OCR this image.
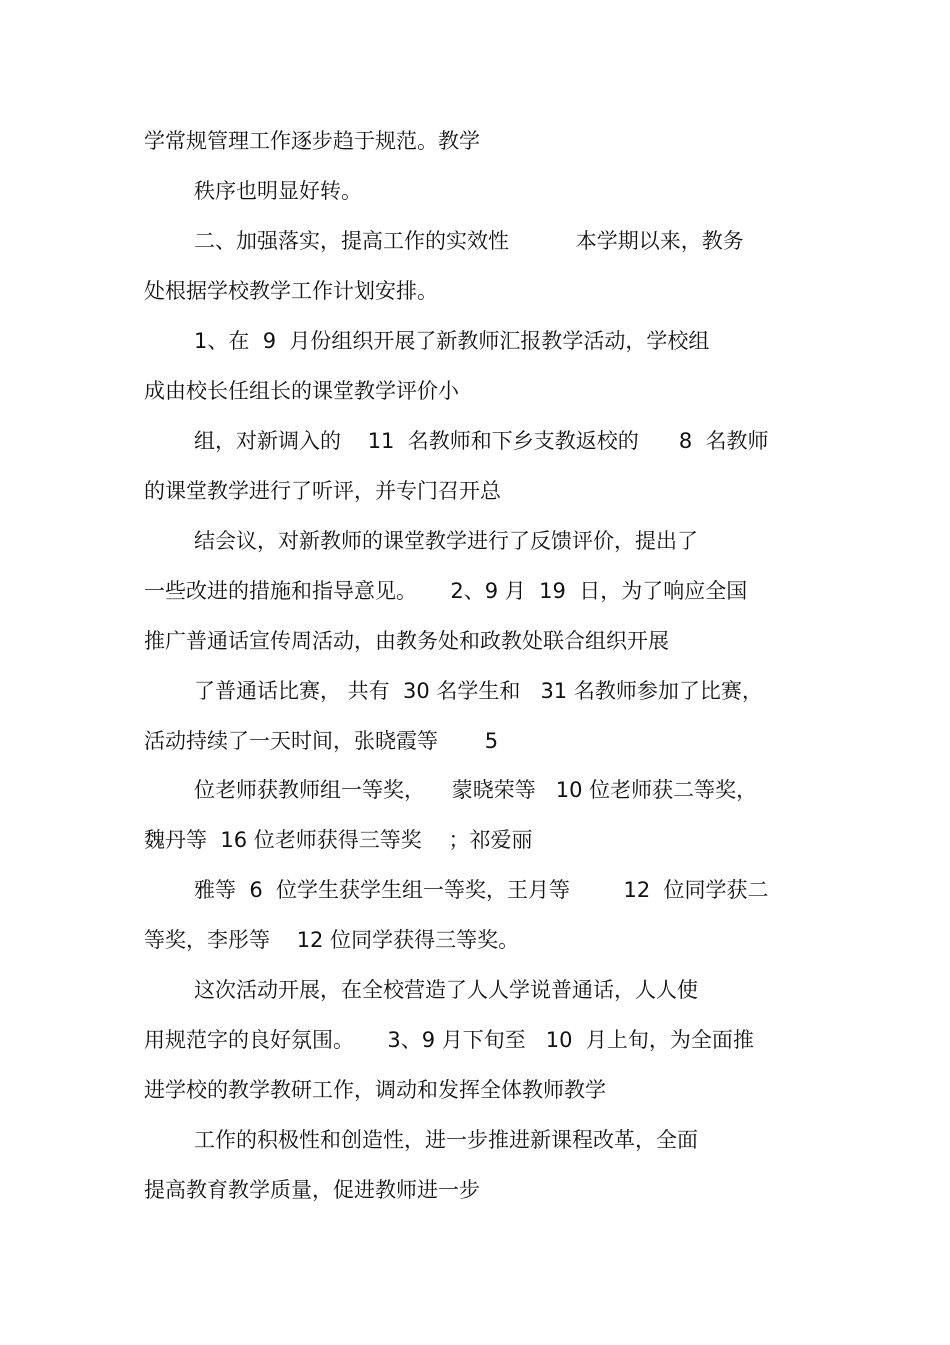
学常规管理工作逐步趋于规范。教学
秩序也明显好转。
二、加强落实，提高工作的实效性          本学期以来，教务
处根据学校教学工作计划安排。
1、在  9  月份组织开展了新教师汇报教学活动，学校组
成由校长任组长的课堂教学评价小
组，对新调入的    11  名教师和下乡支教返校的      8  名教师
的课堂教学进行了听评，并专门召开总
结会议，对新教师的课堂教学进行了反馈评价，提出了
一些改进的措施和指导意见。     2、9 月  19  日，为了响应全国
推广普通话宣传周活动，由教务处和政教处联合组织开展
了普通话比赛， 共有  30 名学生和   31 名教师参加了比赛，
活动持续了一天时间，张晓霞等       5
位老师获教师组一等奖，    蒙晓荣等   10 位老师获二等奖，
魏丹等  16 位老师获得三等奖    ；祁爱丽
雅等  6  位学生获学生组一等奖，王月等        12  位同学获二
等奖，李彤等    12 位同学获得三等奖。
这次活动开展，在全校营造了人人学说普通话，人人使
用规范字的良好氛围。     3、9 月下旬至   10  月上旬，为全面推
进学校的教学教研工作，调动和发挥全体教师教学
工作的积极性和创造性，进一步推进新课程改革，全面
提高教育教学质量，促进教师进一步
